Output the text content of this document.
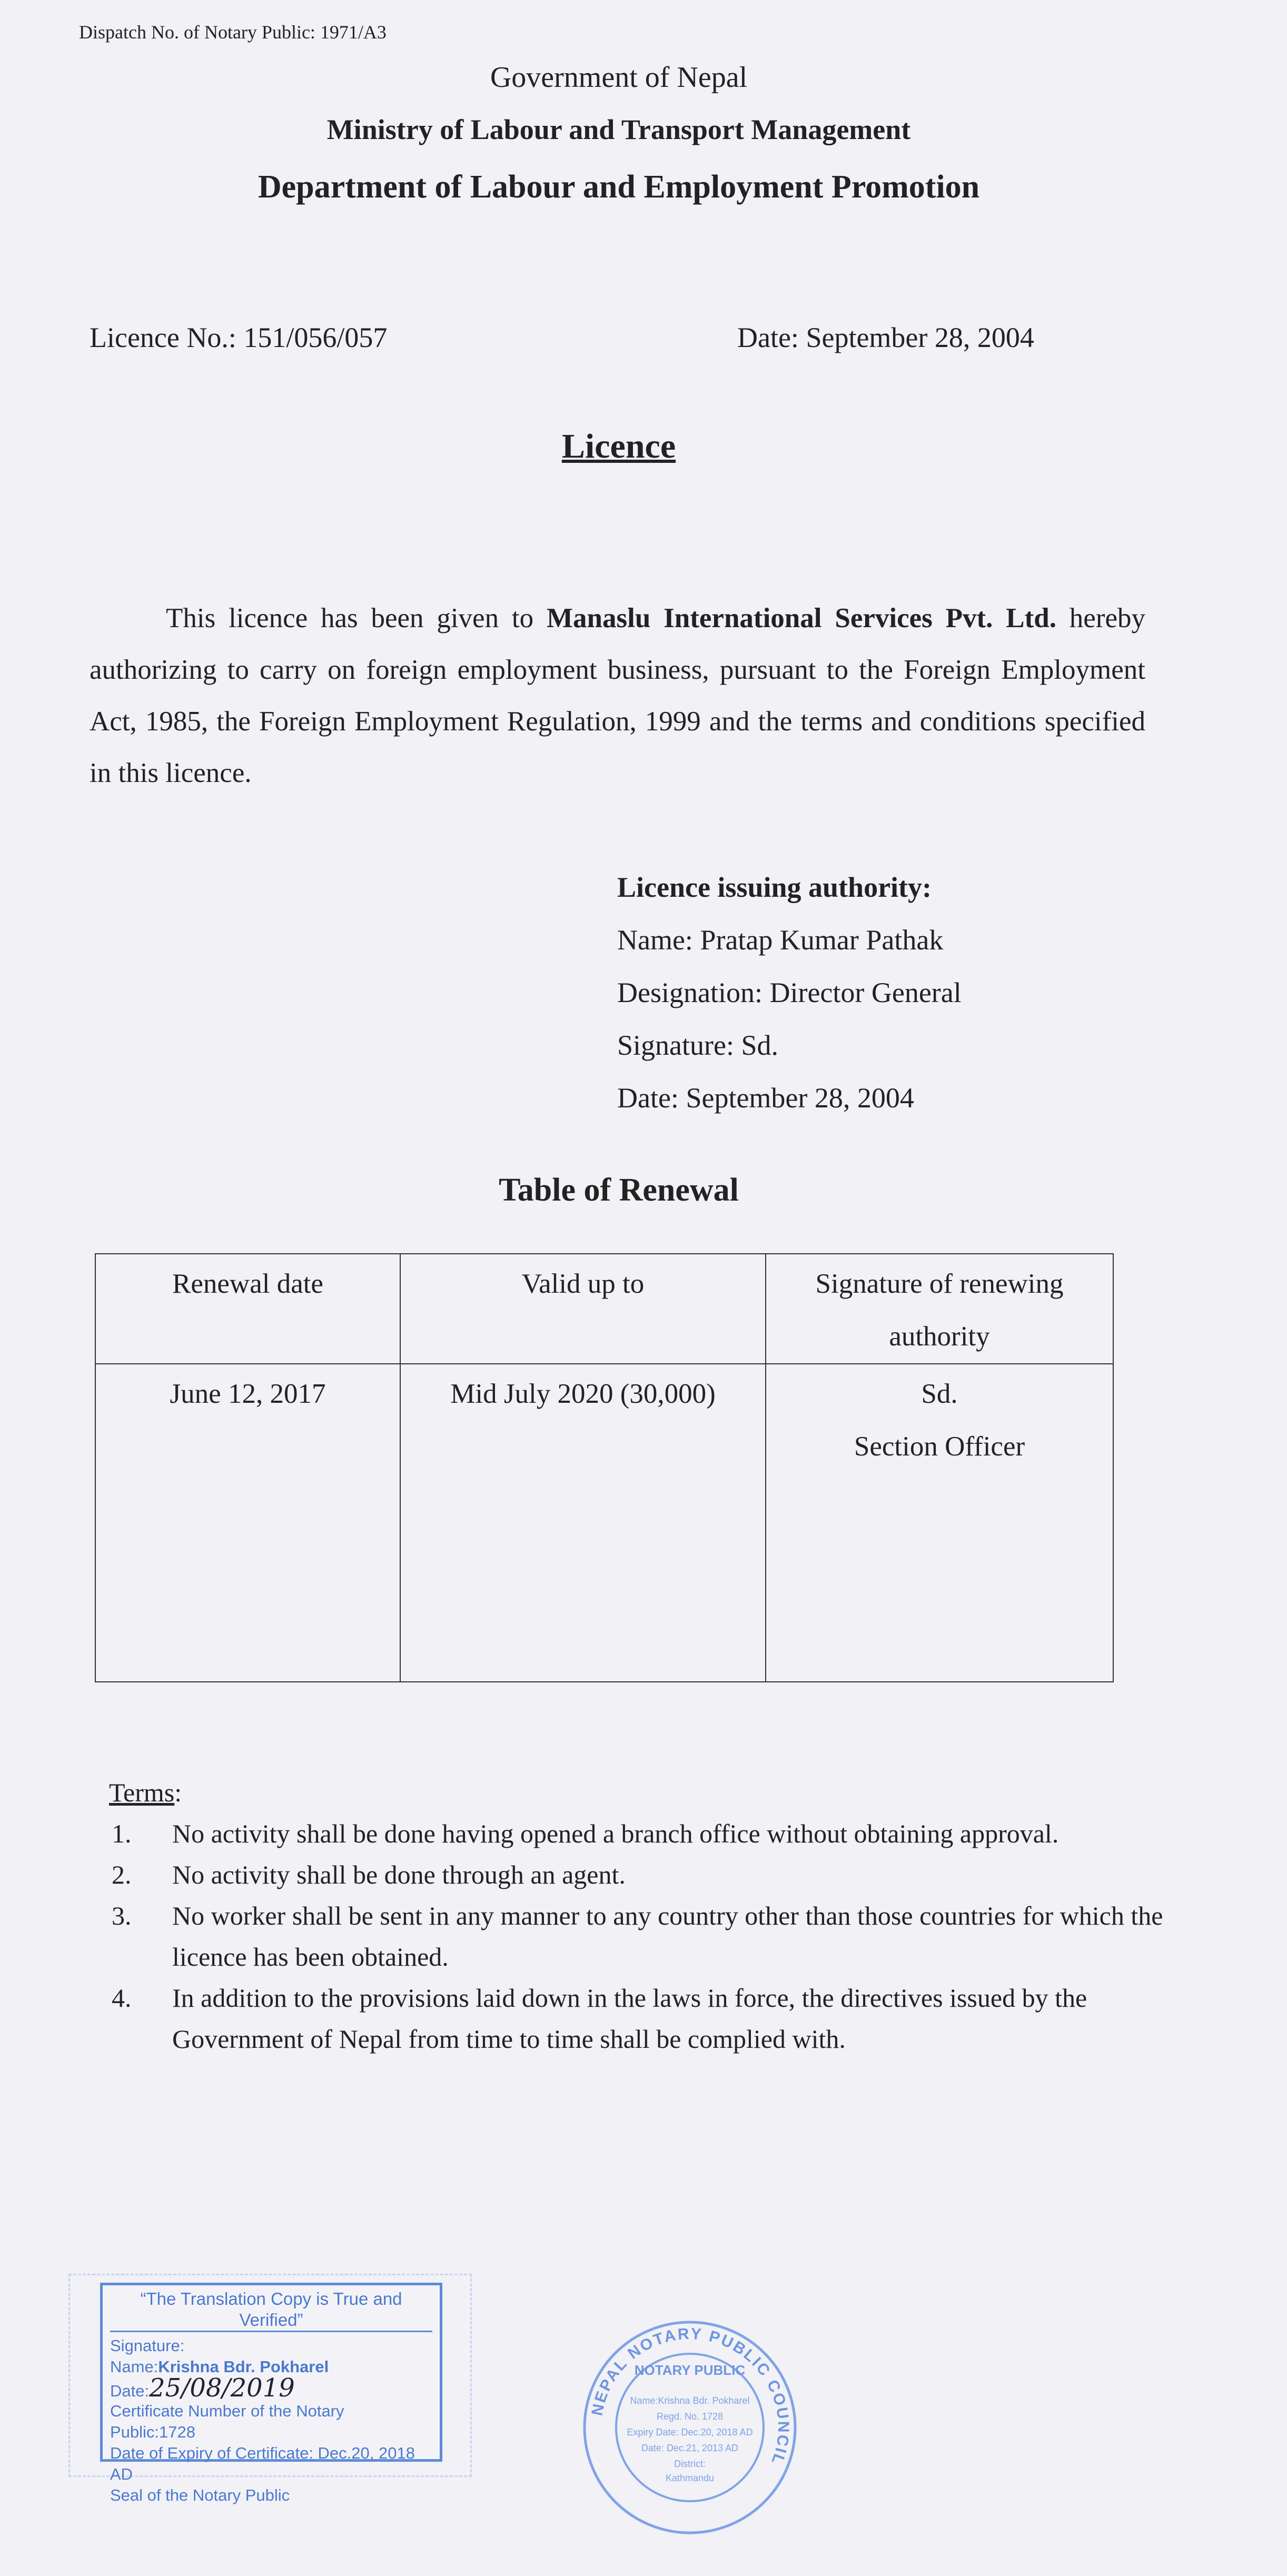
Dispatch No. of Notary Public: 1971/A3
Government of Nepal
Ministry of Labour and Transport Management
Department of Labour and Employment Promotion
Licence No.: 151/056/057	Date: September 28, 2004
Licence
This licence has been given to Manaslu International Services Pvt. Ltd. hereby authorizing to carry on foreign employment business, pursuant to the Foreign Employment Act, 1985, the Foreign Employment Regulation, 1999 and the terms and conditions specified in this licence.
Licence issuing authority:
Name: Pratap Kumar Pathak
Designation: Director General
Signature: Sd.
Date: September 28, 2004
Table of Renewal
Renewal date	Valid up to	Signature of renewing authority
June 12, 2017	Mid July 2020 (30,000)	Sd.
Section Officer
Terms:
1. No activity shall be done having opened a branch office without obtaining approval.
2. No activity shall be done through an agent.
3. No worker shall be sent in any manner to any country other than those countries for which the licence has been obtained.
4. In addition to the provisions laid down in the laws in force, the directives issued by the Government of Nepal from time to time shall be complied with.
“The Translation Copy is True and Verified”
Signature:
Name:Krishna Bdr. Pokharel
Date:25/08/2019
Certificate Number of the Notary Public:1728
Date of Expiry of Certificate: Dec.20, 2018 AD
Seal of the Notary Public
NEPAL NOTARY PUBLIC COUNCIL
NOTARY PUBLIC
Name:Krishna Bdr. Pokharel
Regd. No. 1728
Expiry Date: Dec.20, 2018 AD
Date: Dec.21, 2013 AD
District:
Kathmandu
